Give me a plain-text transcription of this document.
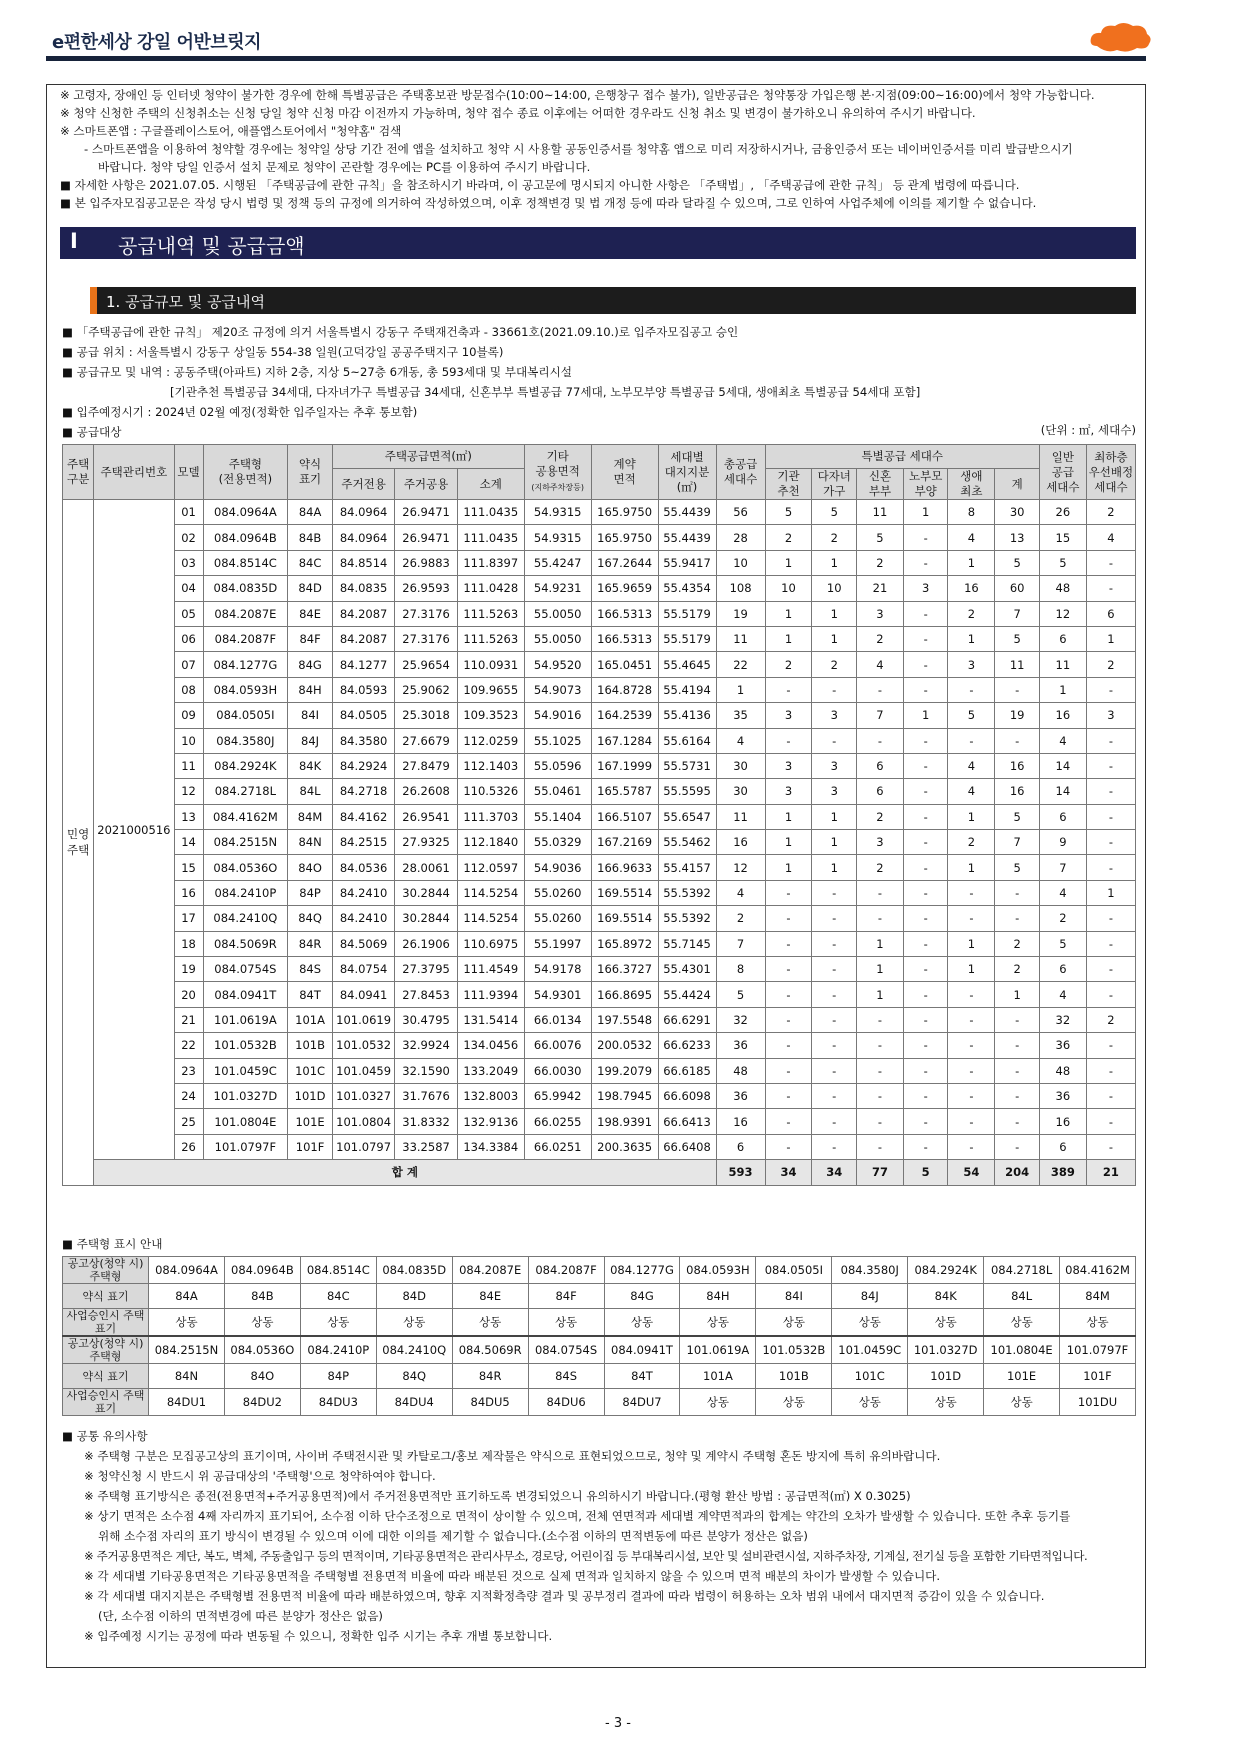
e편한세상 강일 어반브릿지
※ 고령자, 장애인 등 인터넷 청약이 불가한 경우에 한해 특별공급은 주택홍보관 방문접수(10:00~14:00, 은행창구 접수 불가), 일반공급은 청약통장 가입은행 본·지점(09:00~16:00)에서 청약 가능합니다.
※ 청약 신청한 주택의 신청취소는 신청 당일 청약 신청 마감 이전까지 가능하며, 청약 접수 종료 이후에는 어떠한 경우라도 신청 취소 및 변경이 불가하오니 유의하여 주시기 바랍니다.
※ 스마트폰앱 : 구글플레이스토어, 애플앱스토어에서 "청약홈" 검색
- 스마트폰앱을 이용하여 청약할 경우에는 청약일 상당 기간 전에 앱을 설치하고 청약 시 사용할 공동인증서를 청약홈 앱으로 미리 저장하시거나, 금융인증서 또는 네이버인증서를 미리 발급받으시기
바랍니다. 청약 당일 인증서 설치 문제로 청약이 곤란할 경우에는 PC를 이용하여 주시기 바랍니다.
■ 자세한 사항은 2021.07.05. 시행된 「주택공급에 관한 규칙」을 참조하시기 바라며, 이 공고문에 명시되지 아니한 사항은 「주택법」, 「주택공급에 관한 규칙」 등 관계 법령에 따릅니다.
■ 본 입주자모집공고문은 작성 당시 법령 및 정책 등의 규정에 의거하여 작성하였으며, 이후 정책변경 및 법 개정 등에 따라 달라질 수 있으며, 그로 인하여 사업주체에 이의를 제기할 수 없습니다.
Ⅰ 공급내역 및 공급금액
1. 공급규모 및 공급내역
■ 「주택공급에 관한 규칙」 제20조 규정에 의거 서울특별시 강동구 주택재건축과 - 33661호(2021.09.10.)로 입주자모집공고 승인
■ 공급 위치 : 서울특별시 강동구 상일동 554-38 일원(고덕강일 공공주택지구 10블록)
■ 공급규모 및 내역 : 공동주택(아파트) 지하 2층, 지상 5~27층 6개동, 총 593세대 및 부대복리시설
[기관추천 특별공급 34세대, 다자녀가구 특별공급 34세대, 신혼부부 특별공급 77세대, 노부모부양 특별공급 5세대, 생애최초 특별공급 54세대 포함]
■ 입주예정시기 : 2024년 02월 예정(정확한 입주일자는 추후 통보함)
■ 공급대상	(단위 : ㎡, 세대수)
주택
구분	주택관리번호	모델	주택형
(전용면적)	약식
표기	주택공급면적(㎡)			기타
공용면적
(지하주차장등)	계약
면적	세대별
대지지분
(㎡)	총공급
세대수	특별공급 세대수						일반
공급
세대수	최하층
우선배정
세대수
					주거전용	주거공용	소계					기관
추천	다자녀
가구	신혼
부부	노부모
부양	생애
최초	계		
민영
주택	2021000516	01	084.0964A	84A	84.0964	26.9471	111.0435	54.9315	165.9750	55.4439	56	5	5	11	1	8	30	26	2
		02	084.0964B	84B	84.0964	26.9471	111.0435	54.9315	165.9750	55.4439	28	2	2	5	-	4	13	15	4
		03	084.8514C	84C	84.8514	26.9883	111.8397	55.4247	167.2644	55.9417	10	1	1	2	-	1	5	5	-
		04	084.0835D	84D	84.0835	26.9593	111.0428	54.9231	165.9659	55.4354	108	10	10	21	3	16	60	48	-
		05	084.2087E	84E	84.2087	27.3176	111.5263	55.0050	166.5313	55.5179	19	1	1	3	-	2	7	12	6
		06	084.2087F	84F	84.2087	27.3176	111.5263	55.0050	166.5313	55.5179	11	1	1	2	-	1	5	6	1
		07	084.1277G	84G	84.1277	25.9654	110.0931	54.9520	165.0451	55.4645	22	2	2	4	-	3	11	11	2
		08	084.0593H	84H	84.0593	25.9062	109.9655	54.9073	164.8728	55.4194	1	-	-	-	-	-	-	1	-
		09	084.0505I	84I	84.0505	25.3018	109.3523	54.9016	164.2539	55.4136	35	3	3	7	1	5	19	16	3
		10	084.3580J	84J	84.3580	27.6679	112.0259	55.1025	167.1284	55.6164	4	-	-	-	-	-	-	4	-
		11	084.2924K	84K	84.2924	27.8479	112.1403	55.0596	167.1999	55.5731	30	3	3	6	-	4	16	14	-
		12	084.2718L	84L	84.2718	26.2608	110.5326	55.0461	165.5787	55.5595	30	3	3	6	-	4	16	14	-
		13	084.4162M	84M	84.4162	26.9541	111.3703	55.1404	166.5107	55.6547	11	1	1	2	-	1	5	6	-
		14	084.2515N	84N	84.2515	27.9325	112.1840	55.0329	167.2169	55.5462	16	1	1	3	-	2	7	9	-
		15	084.0536O	84O	84.0536	28.0061	112.0597	54.9036	166.9633	55.4157	12	1	1	2	-	1	5	7	-
		16	084.2410P	84P	84.2410	30.2844	114.5254	55.0260	169.5514	55.5392	4	-	-	-	-	-	-	4	1
		17	084.2410Q	84Q	84.2410	30.2844	114.5254	55.0260	169.5514	55.5392	2	-	-	-	-	-	-	2	-
		18	084.5069R	84R	84.5069	26.1906	110.6975	55.1997	165.8972	55.7145	7	-	-	1	-	1	2	5	-
		19	084.0754S	84S	84.0754	27.3795	111.4549	54.9178	166.3727	55.4301	8	-	-	1	-	1	2	6	-
		20	084.0941T	84T	84.0941	27.8453	111.9394	54.9301	166.8695	55.4424	5	-	-	1	-	-	1	4	-
		21	101.0619A	101A	101.0619	30.4795	131.5414	66.0134	197.5548	66.6291	32	-	-	-	-	-	-	32	2
		22	101.0532B	101B	101.0532	32.9924	134.0456	66.0076	200.0532	66.6233	36	-	-	-	-	-	-	36	-
		23	101.0459C	101C	101.0459	32.1590	133.2049	66.0030	199.2079	66.6185	48	-	-	-	-	-	-	48	-
		24	101.0327D	101D	101.0327	31.7676	132.8003	65.9942	198.7945	66.6098	36	-	-	-	-	-	-	36	-
		25	101.0804E	101E	101.0804	31.8332	132.9136	66.0255	198.9391	66.6413	16	-	-	-	-	-	-	16	-
		26	101.0797F	101F	101.0797	33.2587	134.3384	66.0251	200.3635	66.6408	6	-	-	-	-	-	-	6	-
	합 계										593	34	34	77	5	54	204	389	21
■ 주택형 표시 안내
공고상(청약 시) 주택형	084.0964A	084.0964B	084.8514C	084.0835D	084.2087E	084.2087F	084.1277G	084.0593H	084.0505I	084.3580J	084.2924K	084.2718L	084.4162M
약식 표기	84A	84B	84C	84D	84E	84F	84G	84H	84I	84J	84K	84L	84M
사업승인시 주택표기	상동	상동	상동	상동	상동	상동	상동	상동	상동	상동	상동	상동	상동
공고상(청약 시) 주택형	084.2515N	084.0536O	084.2410P	084.2410Q	084.5069R	084.0754S	084.0941T	101.0619A	101.0532B	101.0459C	101.0327D	101.0804E	101.0797F
약식 표기	84N	84O	84P	84Q	84R	84S	84T	101A	101B	101C	101D	101E	101F
사업승인시 주택표기	84DU1	84DU2	84DU3	84DU4	84DU5	84DU6	84DU7	상동	상동	상동	상동	상동	101DU
■ 공통 유의사항
※ 주택형 구분은 모집공고상의 표기이며, 사이버 주택전시관 및 카탈로그/홍보 제작물은 약식으로 표현되었으므로, 청약 및 계약시 주택형 혼돈 방지에 특히 유의바랍니다.
※ 청약신청 시 반드시 위 공급대상의 '주택형'으로 청약하여야 합니다.
※ 주택형 표기방식은 종전(전용면적+주거공용면적)에서 주거전용면적만 표기하도록 변경되었으니 유의하시기 바랍니다.(평형 환산 방법 : 공급면적(㎡) X 0.3025)
※ 상기 면적은 소수점 4째 자리까지 표기되어, 소수점 이하 단수조정으로 면적이 상이할 수 있으며, 전체 연면적과 세대별 계약면적과의 합계는 약간의 오차가 발생할 수 있습니다. 또한 추후 등기를
위해 소수점 자리의 표기 방식이 변경될 수 있으며 이에 대한 이의를 제기할 수 없습니다.(소수점 이하의 면적변동에 따른 분양가 정산은 없음)
※ 주거공용면적은 계단, 복도, 벽체, 주동출입구 등의 면적이며, 기타공용면적은 관리사무소, 경로당, 어린이집 등 부대복리시설, 보안 및 설비관련시설, 지하주차장, 기계실, 전기실 등을 포함한 기타면적입니다.
※ 각 세대별 기타공용면적은 기타공용면적을 주택형별 전용면적 비율에 따라 배분된 것으로 실제 면적과 일치하지 않을 수 있으며 면적 배분의 차이가 발생할 수 있습니다.
※ 각 세대별 대지지분은 주택형별 전용면적 비율에 따라 배분하였으며, 향후 지적확정측량 결과 및 공부정리 결과에 따라 법령이 허용하는 오차 범위 내에서 대지면적 증감이 있을 수 있습니다.
(단, 소수점 이하의 면적변경에 따른 분양가 정산은 없음)
※ 입주예정 시기는 공정에 따라 변동될 수 있으니, 정확한 입주 시기는 추후 개별 통보합니다.
- 3 -
